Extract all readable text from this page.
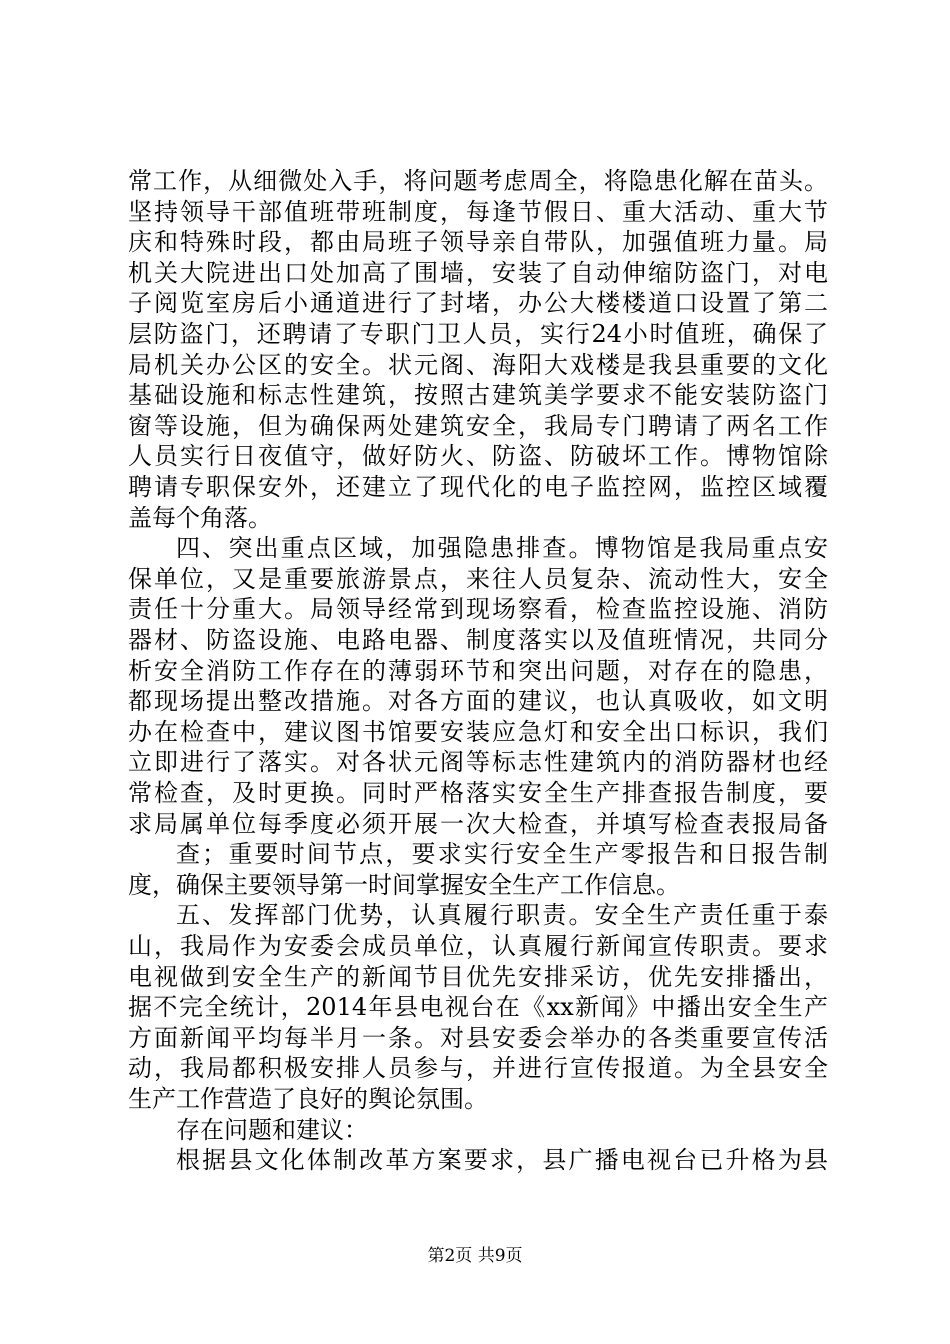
常工作，从细微处入手，将问题考虑周全，将隐患化解在苗头。
坚持领导干部值班带班制度，每逢节假日、重大活动、重大节
庆和特殊时段，都由局班子领导亲自带队，加强值班力量。局
机关大院进出口处加高了围墙，安装了自动伸缩防盗门，对电
子阅览室房后小通道进行了封堵，办公大楼楼道口设置了第二
层防盗门，还聘请了专职门卫人员，实行24小时值班，确保了
局机关办公区的安全。状元阁、海阳大戏楼是我县重要的文化
基础设施和标志性建筑，按照古建筑美学要求不能安装防盗门
窗等设施，但为确保两处建筑安全，我局专门聘请了两名工作
人员实行日夜值守，做好防火、防盗、防破坏工作。博物馆除
聘请专职保安外，还建立了现代化的电子监控网，监控区域覆
盖每个角落。
四、突出重点区域，加强隐患排查。博物馆是我局重点安
保单位，又是重要旅游景点，来往人员复杂、流动性大，安全
责任十分重大。局领导经常到现场察看，检查监控设施、消防
器材、防盗设施、电路电器、制度落实以及值班情况，共同分
析安全消防工作存在的薄弱环节和突出问题，对存在的隐患，
都现场提出整改措施。对各方面的建议，也认真吸收，如文明
办在检查中，建议图书馆要安装应急灯和安全出口标识，我们
立即进行了落实。对各状元阁等标志性建筑内的消防器材也经
常检查，及时更换。同时严格落实安全生产排查报告制度，要
求局属单位每季度必须开展一次大检查，并填写检查表报局备
查；重要时间节点，要求实行安全生产零报告和日报告制
度，确保主要领导第一时间掌握安全生产工作信息。
五、发挥部门优势，认真履行职责。安全生产责任重于泰
山，我局作为安委会成员单位，认真履行新闻宣传职责。要求
电视做到安全生产的新闻节目优先安排采访，优先安排播出，
据不完全统计，2014年县电视台在《xx新闻》中播出安全生产
方面新闻平均每半月一条。对县安委会举办的各类重要宣传活
动，我局都积极安排人员参与，并进行宣传报道。为全县安全
生产工作营造了良好的舆论氛围。
存在问题和建议：
根据县文化体制改革方案要求，县广播电视台已升格为县
第2页 共9页
